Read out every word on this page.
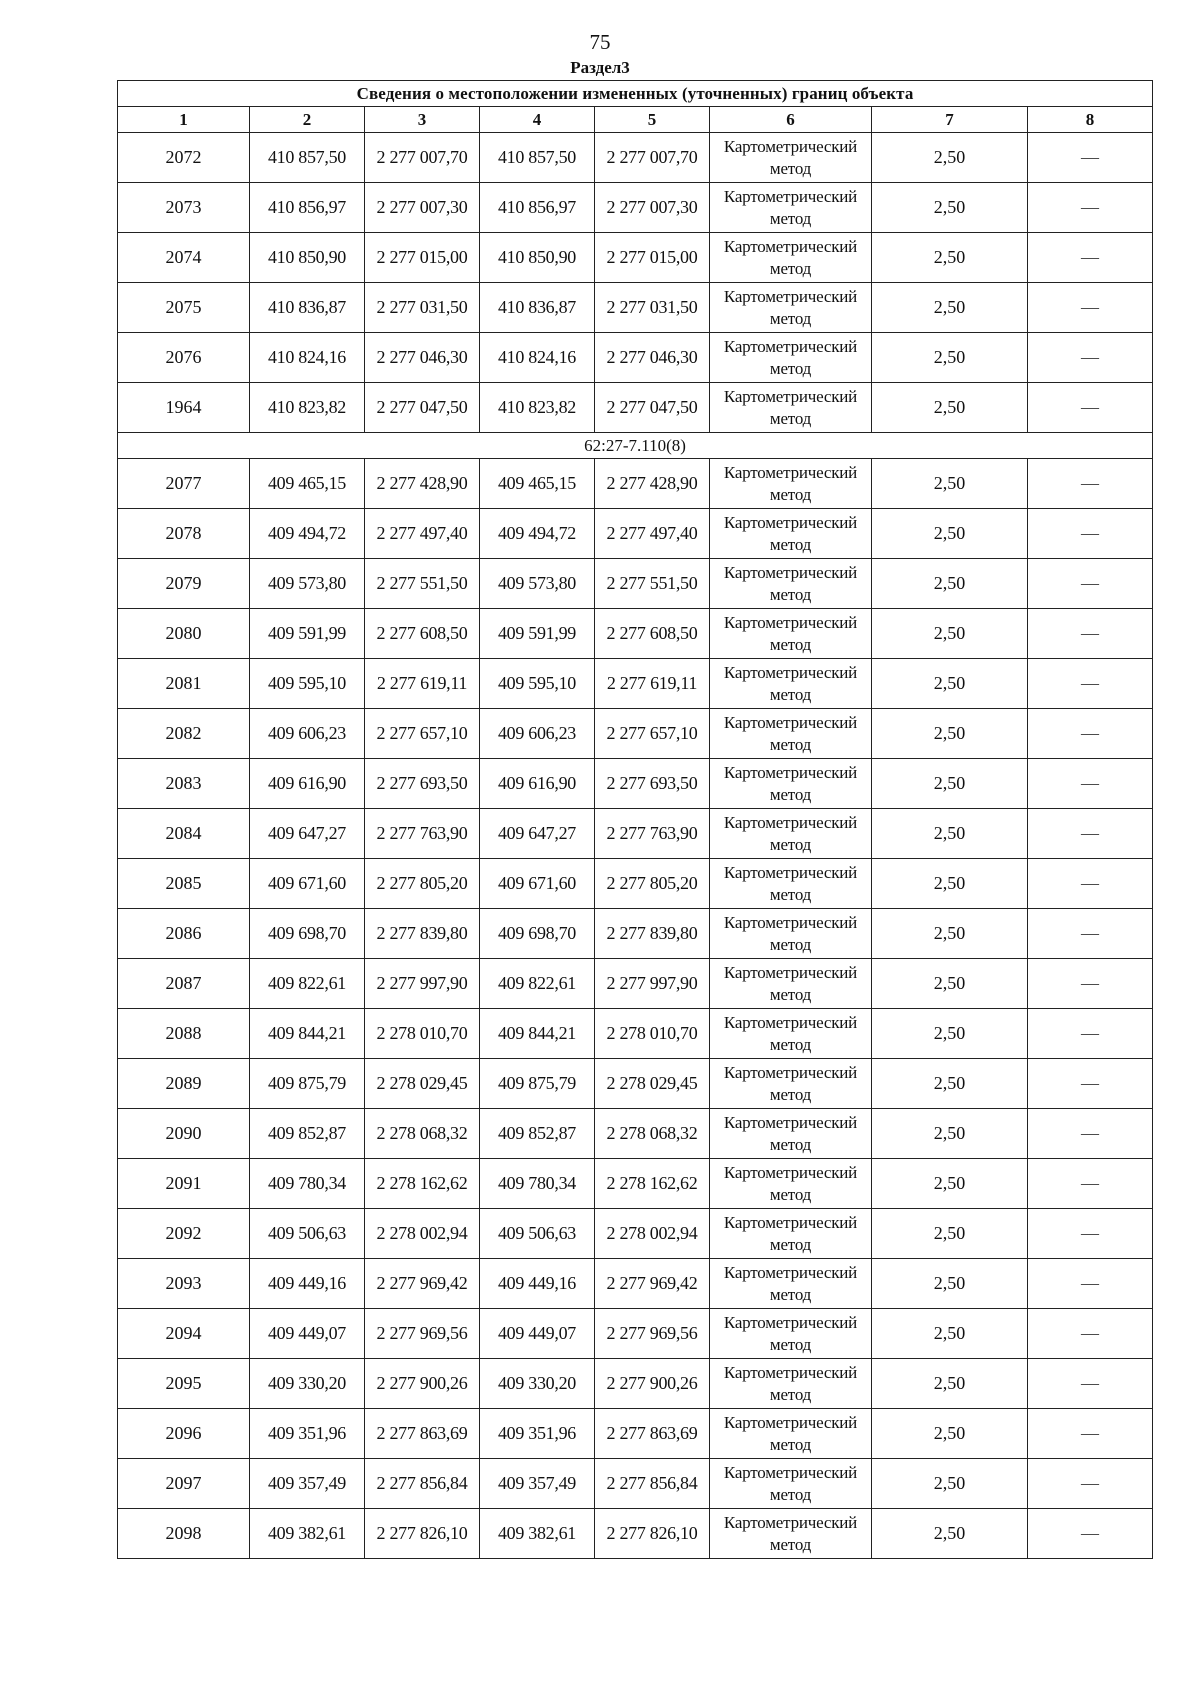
75
Раздел3
Сведения о местоположении измененных (уточненных) границ объекта							
1	2	3	4	5	6	7	8
2072	410 857,50	2 277 007,70	410 857,50	2 277 007,70	Картометрический метод	2,50	—
2073	410 856,97	2 277 007,30	410 856,97	2 277 007,30	Картометрический метод	2,50	—
2074	410 850,90	2 277 015,00	410 850,90	2 277 015,00	Картометрический метод	2,50	—
2075	410 836,87	2 277 031,50	410 836,87	2 277 031,50	Картометрический метод	2,50	—
2076	410 824,16	2 277 046,30	410 824,16	2 277 046,30	Картометрический метод	2,50	—
1964	410 823,82	2 277 047,50	410 823,82	2 277 047,50	Картометрический метод	2,50	—
62:27-7.110(8)							
2077	409 465,15	2 277 428,90	409 465,15	2 277 428,90	Картометрический метод	2,50	—
2078	409 494,72	2 277 497,40	409 494,72	2 277 497,40	Картометрический метод	2,50	—
2079	409 573,80	2 277 551,50	409 573,80	2 277 551,50	Картометрический метод	2,50	—
2080	409 591,99	2 277 608,50	409 591,99	2 277 608,50	Картометрический метод	2,50	—
2081	409 595,10	2 277 619,11	409 595,10	2 277 619,11	Картометрический метод	2,50	—
2082	409 606,23	2 277 657,10	409 606,23	2 277 657,10	Картометрический метод	2,50	—
2083	409 616,90	2 277 693,50	409 616,90	2 277 693,50	Картометрический метод	2,50	—
2084	409 647,27	2 277 763,90	409 647,27	2 277 763,90	Картометрический метод	2,50	—
2085	409 671,60	2 277 805,20	409 671,60	2 277 805,20	Картометрический метод	2,50	—
2086	409 698,70	2 277 839,80	409 698,70	2 277 839,80	Картометрический метод	2,50	—
2087	409 822,61	2 277 997,90	409 822,61	2 277 997,90	Картометрический метод	2,50	—
2088	409 844,21	2 278 010,70	409 844,21	2 278 010,70	Картометрический метод	2,50	—
2089	409 875,79	2 278 029,45	409 875,79	2 278 029,45	Картометрический метод	2,50	—
2090	409 852,87	2 278 068,32	409 852,87	2 278 068,32	Картометрический метод	2,50	—
2091	409 780,34	2 278 162,62	409 780,34	2 278 162,62	Картометрический метод	2,50	—
2092	409 506,63	2 278 002,94	409 506,63	2 278 002,94	Картометрический метод	2,50	—
2093	409 449,16	2 277 969,42	409 449,16	2 277 969,42	Картометрический метод	2,50	—
2094	409 449,07	2 277 969,56	409 449,07	2 277 969,56	Картометрический метод	2,50	—
2095	409 330,20	2 277 900,26	409 330,20	2 277 900,26	Картометрический метод	2,50	—
2096	409 351,96	2 277 863,69	409 351,96	2 277 863,69	Картометрический метод	2,50	—
2097	409 357,49	2 277 856,84	409 357,49	2 277 856,84	Картометрический метод	2,50	—
2098	409 382,61	2 277 826,10	409 382,61	2 277 826,10	Картометрический метод	2,50	—
